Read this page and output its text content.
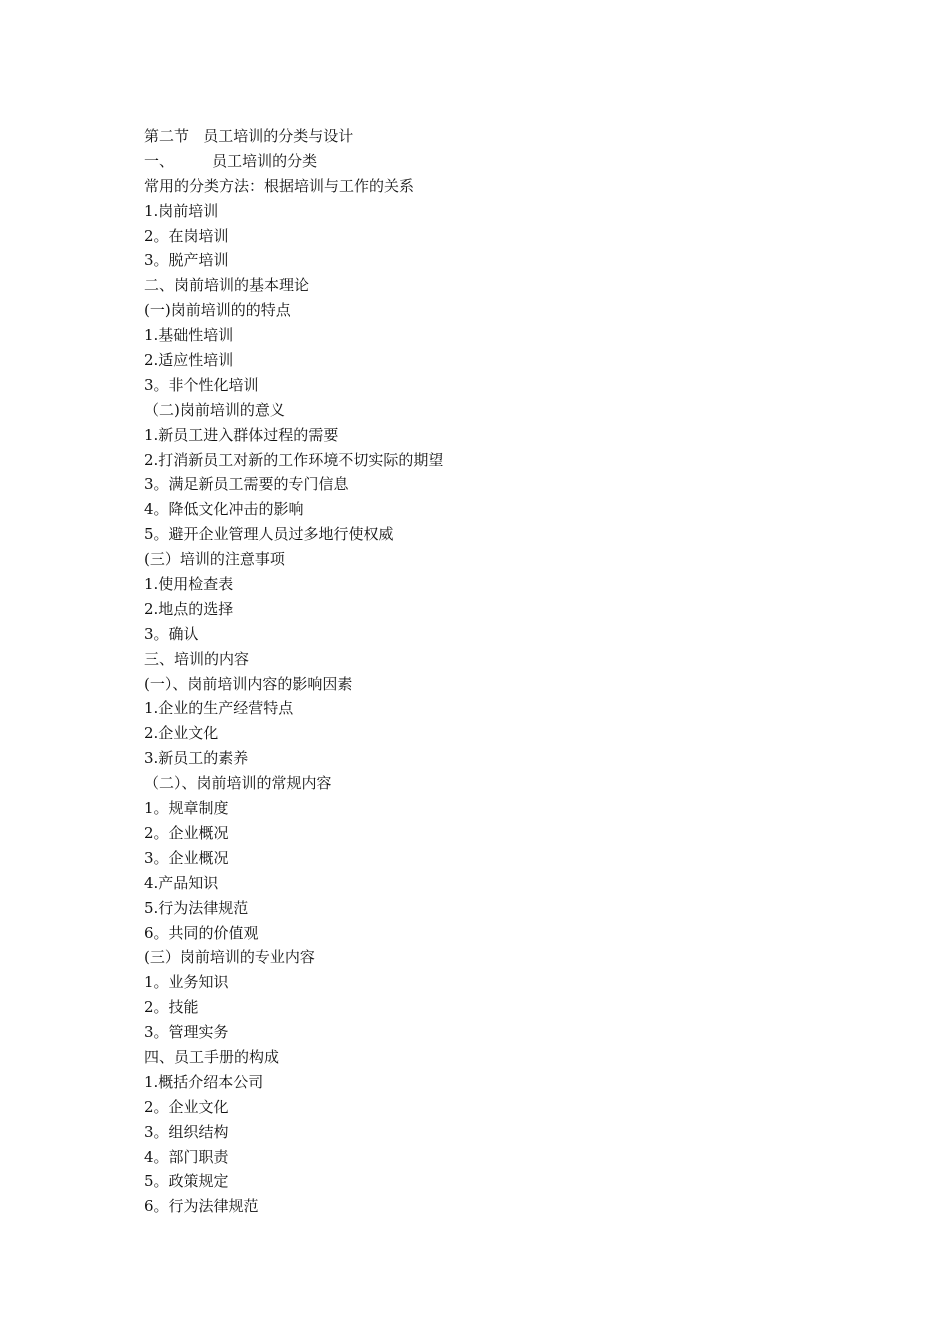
第二节   员工培训的分类与设计
一、        员工培训的分类
常用的分类方法：根据培训与工作的关系
1.岗前培训
2。在岗培训
3。脱产培训
二、岗前培训的基本理论
(一)岗前培训的的特点
1.基础性培训
2.适应性培训
3。非个性化培训
（二)岗前培训的意义
1.新员工进入群体过程的需要
2.打消新员工对新的工作环境不切实际的期望
3。满足新员工需要的专门信息
4。降低文化冲击的影响
5。避开企业管理人员过多地行使权威
(三）培训的注意事项
1.使用检查表
2.地点的选择
3。确认
三、培训的内容
(一）、岗前培训内容的影响因素
1.企业的生产经营特点
2.企业文化
3.新员工的素养
（二）、岗前培训的常规内容
1。规章制度
2。企业概况
3。企业概况
4.产品知识
5.行为法律规范
6。共同的价值观
(三）岗前培训的专业内容
1。业务知识
2。技能
3。管理实务
四、员工手册的构成
1.概括介绍本公司
2。企业文化
3。组织结构
4。部门职责
5。政策规定
6。行为法律规范
